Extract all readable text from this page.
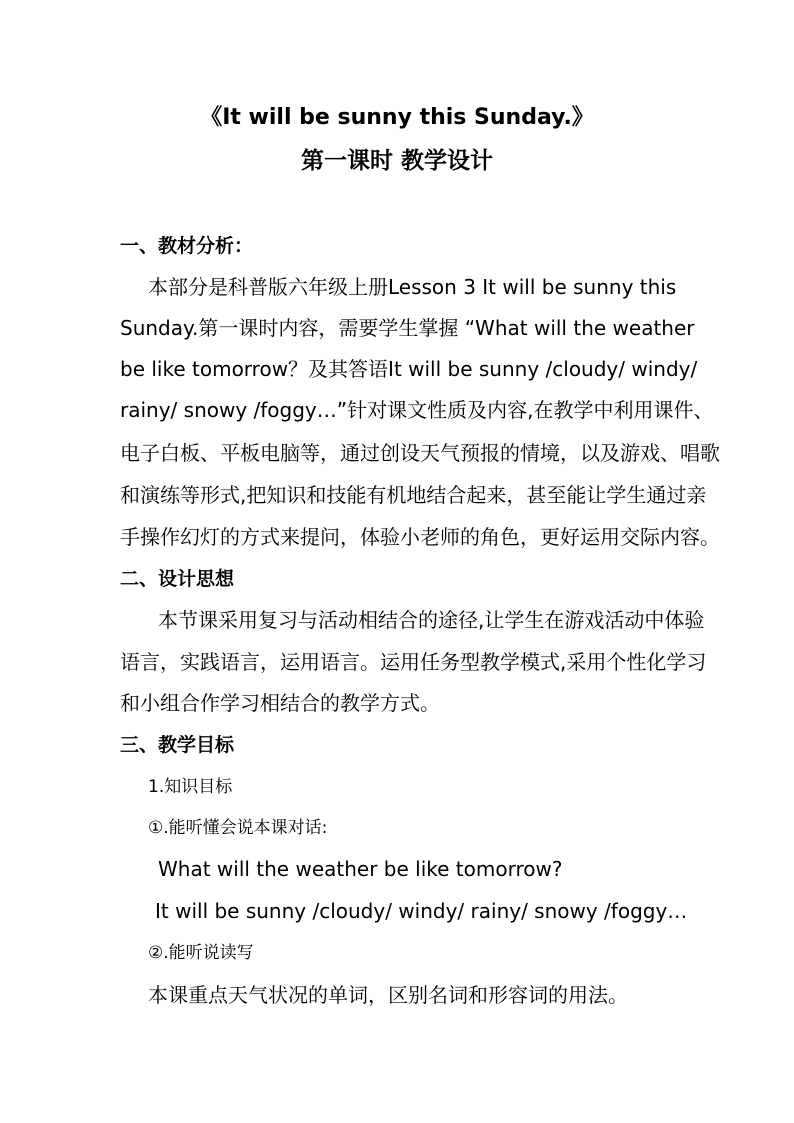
《It will be sunny this Sunday.》
第一课时 教学设计
一、教材分析：
本部分是科普版六年级上册Lesson 3 It will be sunny this
Sunday.第一课时内容，需要学生掌握 “What will the weather
be like tomorrow？及其答语It will be sunny /cloudy/ windy/
rainy/ snowy /foggy…”针对课文性质及内容,在教学中利用课件、
电子白板、平板电脑等，通过创设天气预报的情境，以及游戏、唱歌
和演练等形式,把知识和技能有机地结合起来，甚至能让学生通过亲
手操作幻灯的方式来提问，体验小老师的角色，更好运用交际内容。
二、设计思想
本节课采用复习与活动相结合的途径,让学生在游戏活动中体验
语言，实践语言，运用语言。运用任务型教学模式,采用个性化学习
和小组合作学习相结合的教学方式。
三、教学目标
1.知识目标
①.能听懂会说本课对话:
What will the weather be like tomorrow?
It will be sunny /cloudy/ windy/ rainy/ snowy /foggy…
②.能听说读写
本课重点天气状况的单词，区别名词和形容词的用法。
